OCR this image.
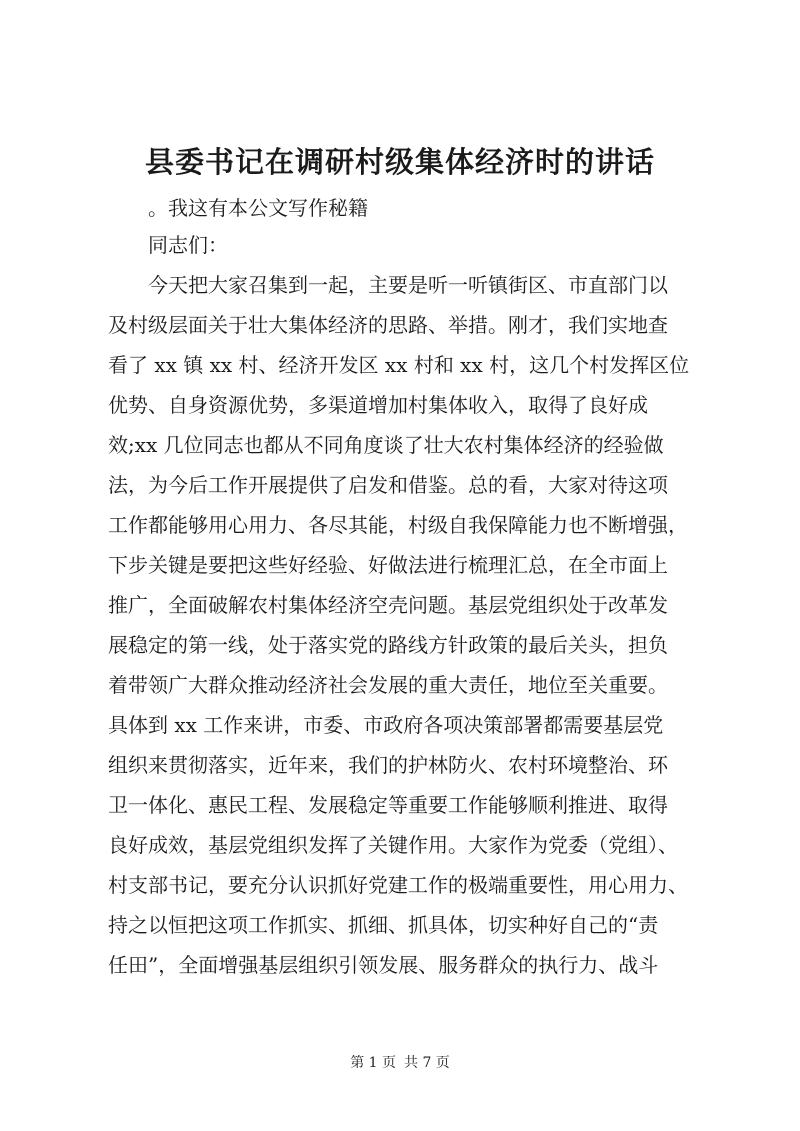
县委书记在调研村级集体经济时的讲话
。我这有本公文写作秘籍
同志们：
今天把大家召集到一起，主要是听一听镇街区、市直部门以
及村级层面关于壮大集体经济的思路、举措。刚才，我们实地查
看了 xx 镇 xx 村、经济开发区 xx 村和 xx 村，这几个村发挥区位
优势、自身资源优势，多渠道增加村集体收入，取得了良好成
效;xx 几位同志也都从不同角度谈了壮大农村集体经济的经验做
法，为今后工作开展提供了启发和借鉴。总的看，大家对待这项
工作都能够用心用力、各尽其能，村级自我保障能力也不断增强，
下步关键是要把这些好经验、好做法进行梳理汇总，在全市面上
推广，全面破解农村集体经济空壳问题。基层党组织处于改革发
展稳定的第一线，处于落实党的路线方针政策的最后关头，担负
着带领广大群众推动经济社会发展的重大责任，地位至关重要。
具体到 xx 工作来讲，市委、市政府各项决策部署都需要基层党
组织来贯彻落实，近年来，我们的护林防火、农村环境整治、环
卫一体化、惠民工程、发展稳定等重要工作能够顺利推进、取得
良好成效，基层党组织发挥了关键作用。大家作为党委（党组）、
村支部书记，要充分认识抓好党建工作的极端重要性，用心用力、
持之以恒把这项工作抓实、抓细、抓具体，切实种好自己的“责
任田”，全面增强基层组织引领发展、服务群众的执行力、战斗
第 1 页 共 7 页
